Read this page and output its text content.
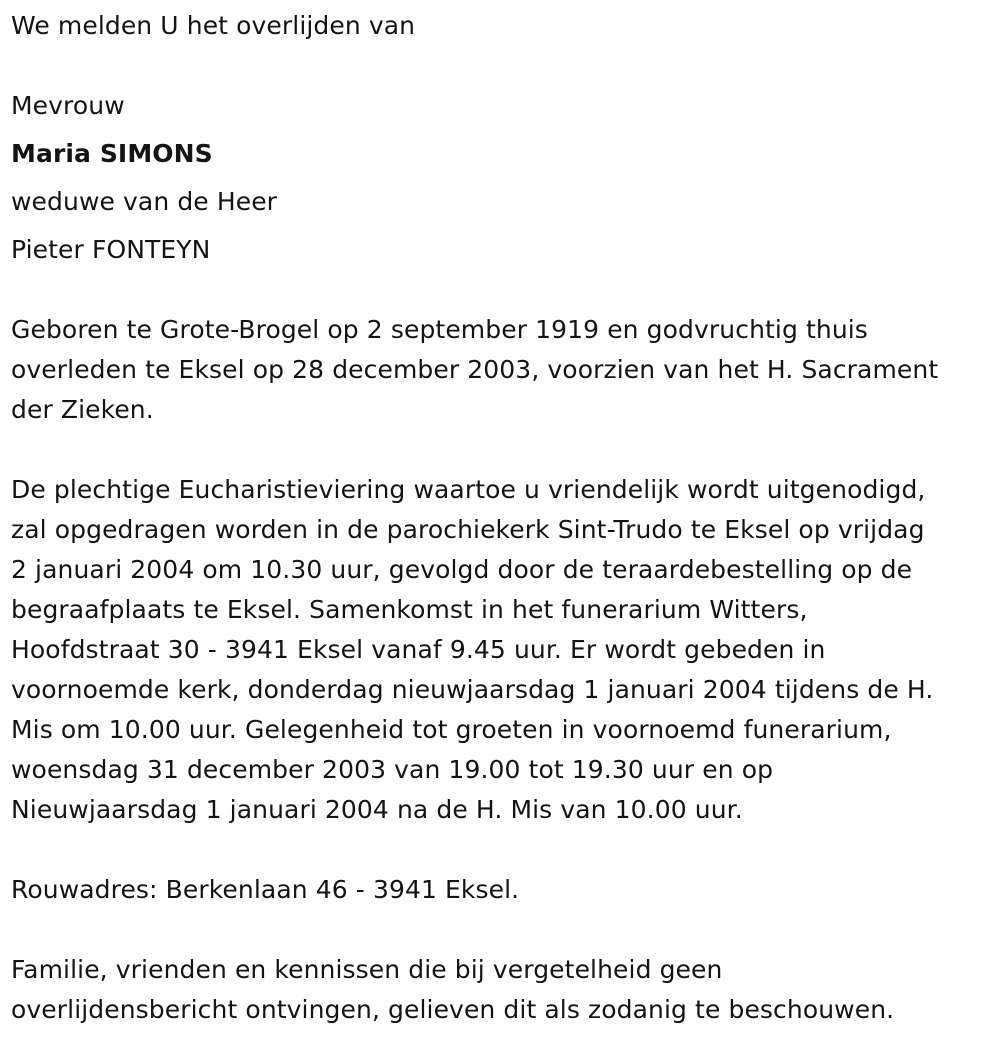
We melden U het overlijden van

Mevrouw

Maria SIMONS

weduwe van de Heer

Pieter FONTEYN

Geboren te Grote-Brogel op 2 september 1919 en godvruchtig thuis

overleden te Eksel op 28 december 2003, voorzien van het H. Sacrament

der Zieken.

De plechtige Eucharistieviering waartoe u vriendelijk wordt uitgenodigd,

zal opgedragen worden in de parochiekerk Sint-Trudo te Eksel op vrijdag

2 januari 2004 om 10.30 uur, gevolgd door de teraardebestelling op de

begraafplaats te Eksel. Samenkomst in het funerarium Witters,

Hoofdstraat 30 - 3941 Eksel vanaf 9.45 uur. Er wordt gebeden in

voornoemde kerk, donderdag nieuwjaarsdag 1 januari 2004 tijdens de H.

Mis om 10.00 uur. Gelegenheid tot groeten in voornoemd funerarium,

woensdag 31 december 2003 van 19.00 tot 19.30 uur en op

Nieuwjaarsdag 1 januari 2004 na de H. Mis van 10.00 uur.

Rouwadres: Berkenlaan 46 - 3941 Eksel.

Familie, vrienden en kennissen die bij vergetelheid geen

overlijdensbericht ontvingen, gelieven dit als zodanig te beschouwen.
